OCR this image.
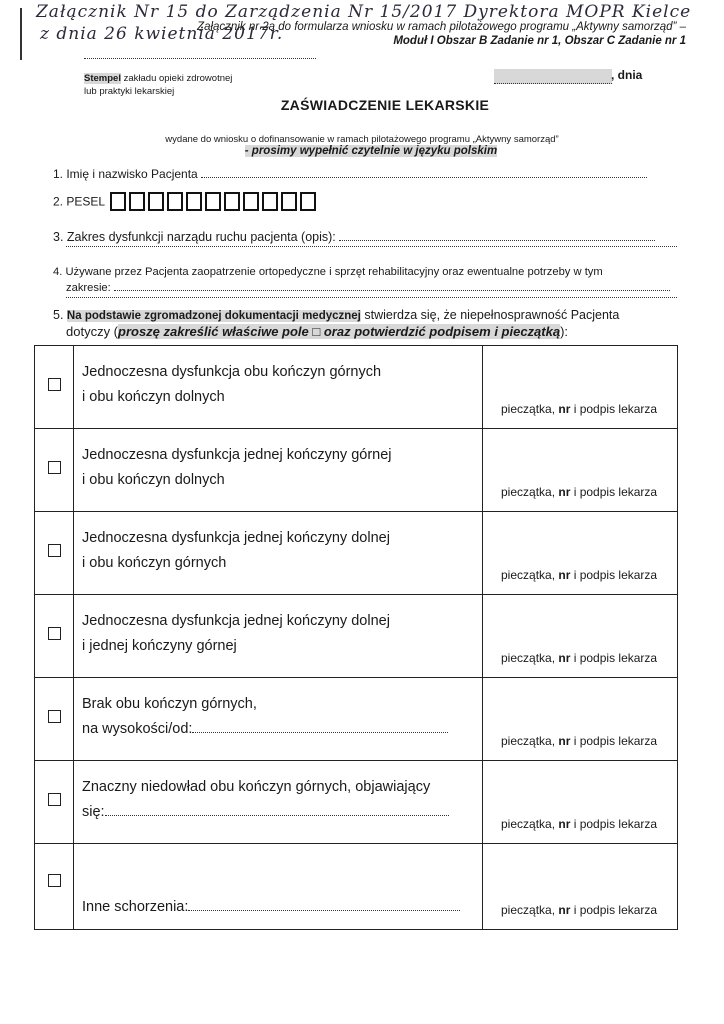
Załącznik Nr 15 do Zarządzenia Nr 15/2017 Dyrektora MOPR Kielce
z dnia 26 kwietnia 2017r.
Załącznik nr 2a do formularza wniosku w ramach pilotażowego programu „Aktywny samorząd” –
Moduł I Obszar B Zadanie nr 1, Obszar C Zadanie nr 1
Stempel zakładu opieki zdrowotnej
lub praktyki lekarskiej
, dnia
ZAŚWIADCZENIE LEKARSKIE
wydane do wniosku o dofinansowanie w ramach pilotażowego programu „Aktywny samorząd”
- prosimy wypełnić czytelnie w języku polskim
1. Imię i nazwisko Pacjenta
2. PESEL
3. Zakres dysfunkcji narządu ruchu pacjenta (opis):
4. Używane przez Pacjenta zaopatrzenie ortopedyczne i sprzęt rehabilitacyjny oraz ewentualne potrzeby w tym
zakresie:
5. Na podstawie zgromadzonej dokumentacji medycznej stwierdza się, że niepełnosprawność Pacjenta
dotyczy (proszę zakreślić właściwe pole □ oraz potwierdzić podpisem i pieczątką):

	Jednoczesna dysfunkcja obu kończyn górnych
i obu kończyn dolnych	pieczątka, nr i podpis lekarza

	Jednoczesna dysfunkcja jednej kończyny górnej
i obu kończyn dolnych	pieczątka, nr i podpis lekarza

	Jednoczesna dysfunkcja jednej kończyny dolnej
i obu kończyn górnych	pieczątka, nr i podpis lekarza

	Jednoczesna dysfunkcja jednej kończyny dolnej
i jednej kończyny górnej	pieczątka, nr i podpis lekarza

	Brak obu kończyn górnych,
na wysokości/od:	pieczątka, nr i podpis lekarza

	Znaczny niedowład obu kończyn górnych, objawiający
się:	pieczątka, nr i podpis lekarza

	Inne schorzenia:	pieczątka, nr i podpis lekarza
